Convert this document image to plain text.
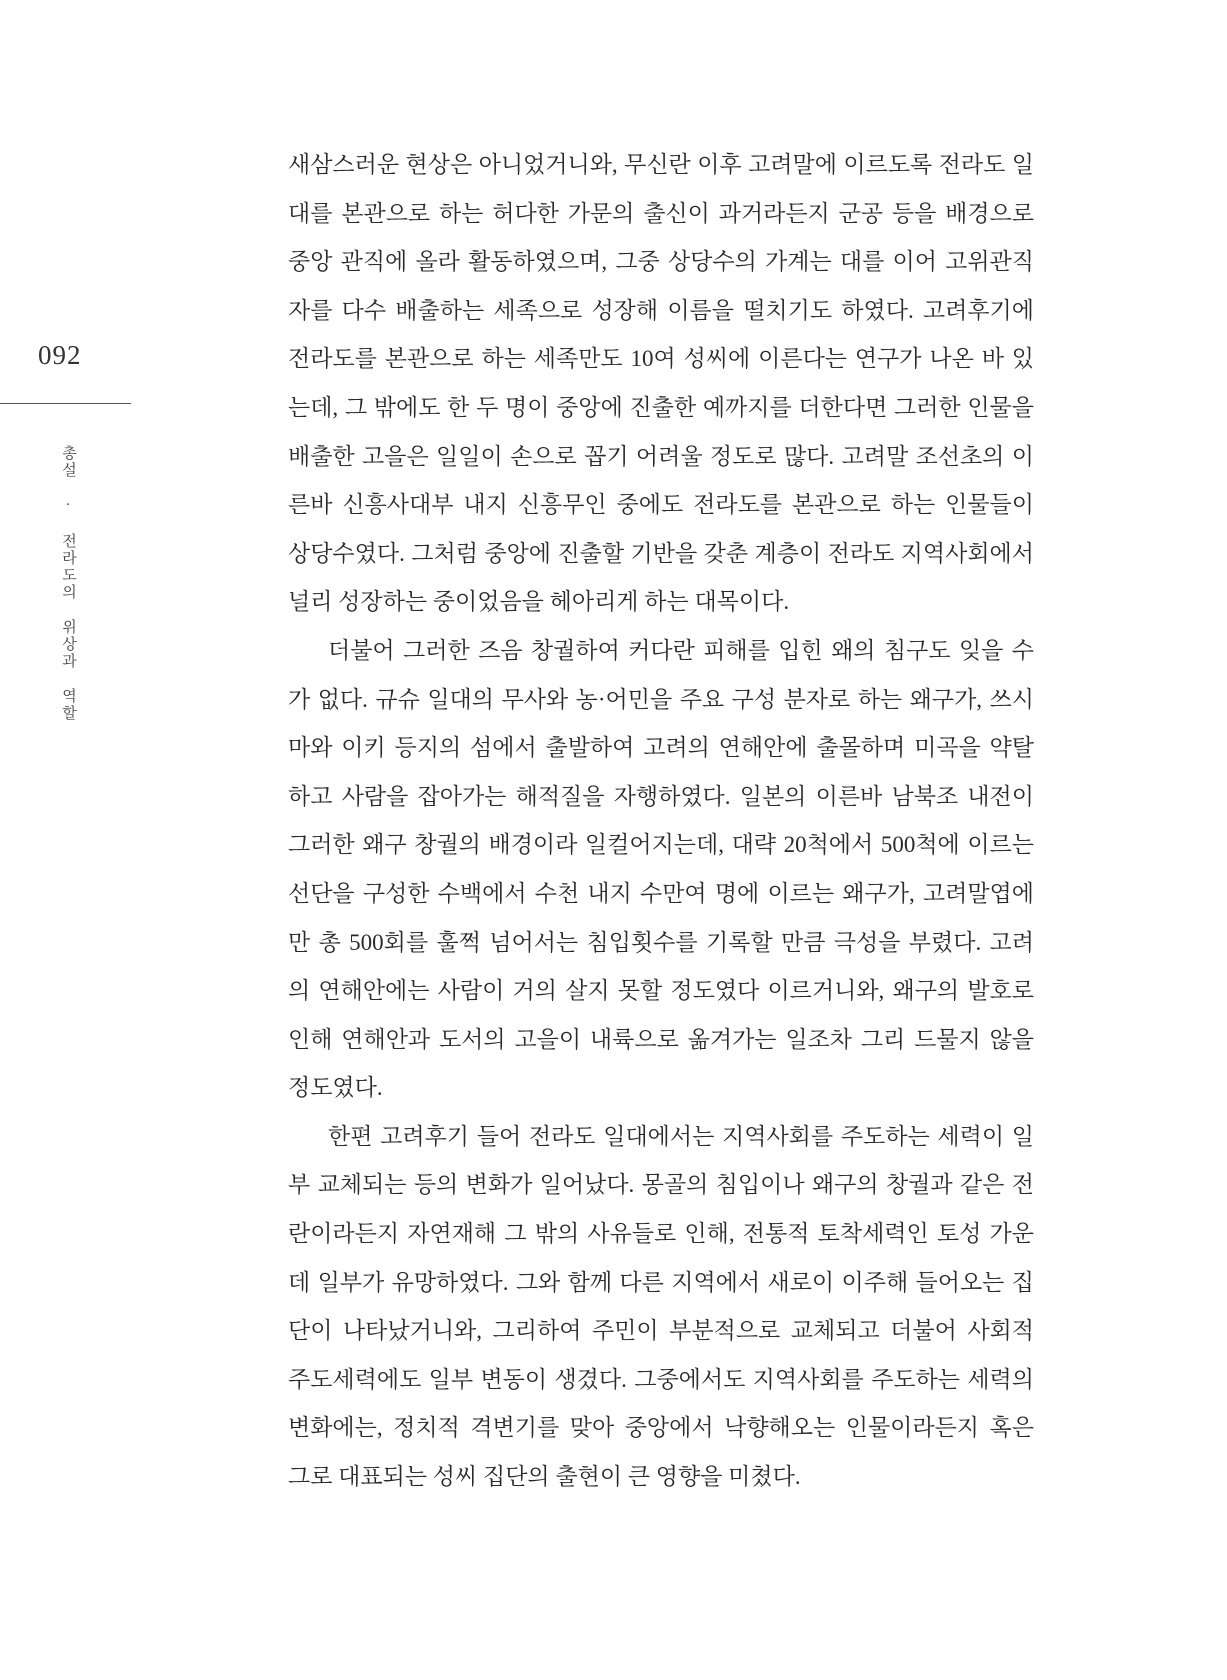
092
총설 · 전라도의 위상과 역할
새삼스러운 현상은 아니었거니와, 무신란 이후 고려말에 이르도록 전라도 일
대를 본관으로 하는 허다한 가문의 출신이 과거라든지 군공 등을 배경으로
중앙 관직에 올라 활동하였으며, 그중 상당수의 가계는 대를 이어 고위관직
자를 다수 배출하는 세족으로 성장해 이름을 떨치기도 하였다. 고려후기에
전라도를 본관으로 하는 세족만도 10여 성씨에 이른다는 연구가 나온 바 있
는데, 그 밖에도 한 두 명이 중앙에 진출한 예까지를 더한다면 그러한 인물을
배출한 고을은 일일이 손으로 꼽기 어려울 정도로 많다. 고려말 조선초의 이
른바 신흥사대부 내지 신흥무인 중에도 전라도를 본관으로 하는 인물들이
상당수였다. 그처럼 중앙에 진출할 기반을 갖춘 계층이 전라도 지역사회에서
널리 성장하는 중이었음을 헤아리게 하는 대목이다.
더불어 그러한 즈음 창궐하여 커다란 피해를 입힌 왜의 침구도 잊을 수
가 없다. 규슈 일대의 무사와 농·어민을 주요 구성 분자로 하는 왜구가, 쓰시
마와 이키 등지의 섬에서 출발하여 고려의 연해안에 출몰하며 미곡을 약탈
하고 사람을 잡아가는 해적질을 자행하였다. 일본의 이른바 남북조 내전이
그러한 왜구 창궐의 배경이라 일컬어지는데, 대략 20척에서 500척에 이르는
선단을 구성한 수백에서 수천 내지 수만여 명에 이르는 왜구가, 고려말엽에
만 총 500회를 훌쩍 넘어서는 침입횟수를 기록할 만큼 극성을 부렸다. 고려
의 연해안에는 사람이 거의 살지 못할 정도였다 이르거니와, 왜구의 발호로
인해 연해안과 도서의 고을이 내륙으로 옮겨가는 일조차 그리 드물지 않을
정도였다.
한편 고려후기 들어 전라도 일대에서는 지역사회를 주도하는 세력이 일
부 교체되는 등의 변화가 일어났다. 몽골의 침입이나 왜구의 창궐과 같은 전
란이라든지 자연재해 그 밖의 사유들로 인해, 전통적 토착세력인 토성 가운
데 일부가 유망하였다. 그와 함께 다른 지역에서 새로이 이주해 들어오는 집
단이 나타났거니와, 그리하여 주민이 부분적으로 교체되고 더불어 사회적
주도세력에도 일부 변동이 생겼다. 그중에서도 지역사회를 주도하는 세력의
변화에는, 정치적 격변기를 맞아 중앙에서 낙향해오는 인물이라든지 혹은
그로 대표되는 성씨 집단의 출현이 큰 영향을 미쳤다.
